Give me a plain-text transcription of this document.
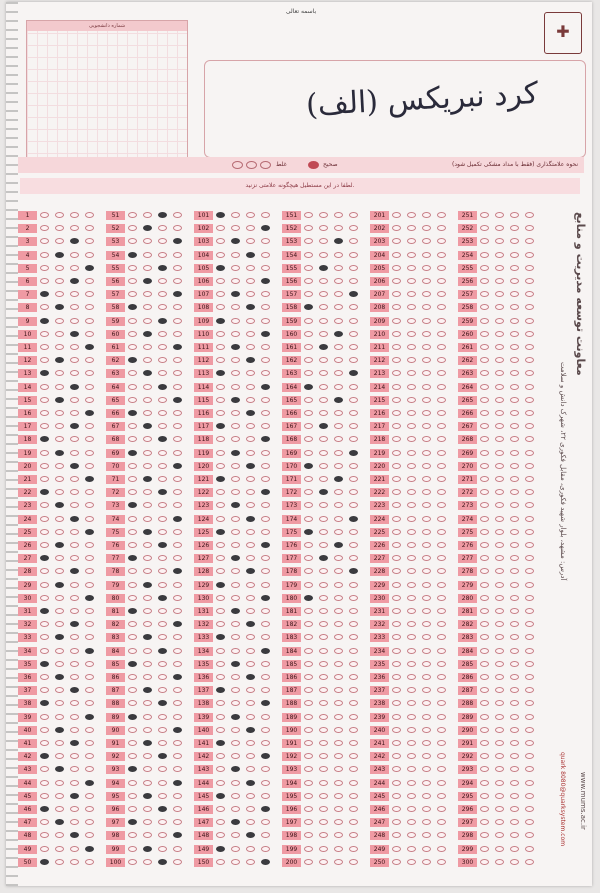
باسمه تعالی
✚
شماره دانشجویی
کرد نبریکس (الف)
نحوه علامتگذاری (فقط با مداد مشکی تکمیل شود)
صحیح
غلط
لطفا در این مستطیل هیچگونه علامتی نزنید.
1
2
3
4
5
6
7
8
9
10
11
12
13
14
15
16
17
18
19
20
21
22
23
24
25
26
27
28
29
30
31
32
33
34
35
36
37
38
39
40
41
42
43
44
45
46
47
48
49
50
51
52
53
54
55
56
57
58
59
60
61
62
63
64
65
66
67
68
69
70
71
72
73
74
75
76
77
78
79
80
81
82
83
84
85
86
87
88
89
90
91
92
93
94
95
96
97
98
99
100
101
102
103
104
105
106
107
108
109
110
111
112
113
114
115
116
117
118
119
120
121
122
123
124
125
126
127
128
129
130
131
132
133
134
135
136
137
138
139
140
141
142
143
144
145
146
147
148
149
150
151
152
153
154
155
156
157
158
159
160
161
162
163
164
165
166
167
168
169
170
171
172
173
174
175
176
177
178
179
180
181
182
183
184
185
186
187
188
189
190
191
192
193
194
195
196
197
198
199
200
201
202
203
204
205
206
207
208
209
210
211
212
213
214
215
216
217
218
219
220
221
222
223
224
225
226
227
228
229
230
231
232
233
234
235
236
237
238
239
240
241
242
243
244
245
246
247
248
249
250
251
252
253
254
255
256
257
258
259
260
261
262
263
264
265
266
267
268
269
270
271
272
273
274
275
276
277
278
279
280
281
282
283
284
285
286
287
288
289
290
291
292
293
294
295
296
297
298
299
300
معاونت توسعه مدیریت و منابع
آدرس: مشهد، بلوار شهید فکوری، مقابل فکوری ۲۲، شهرک دانش و سلامت
www.mums.ac.ir
quark 8080@quarksystem.com
